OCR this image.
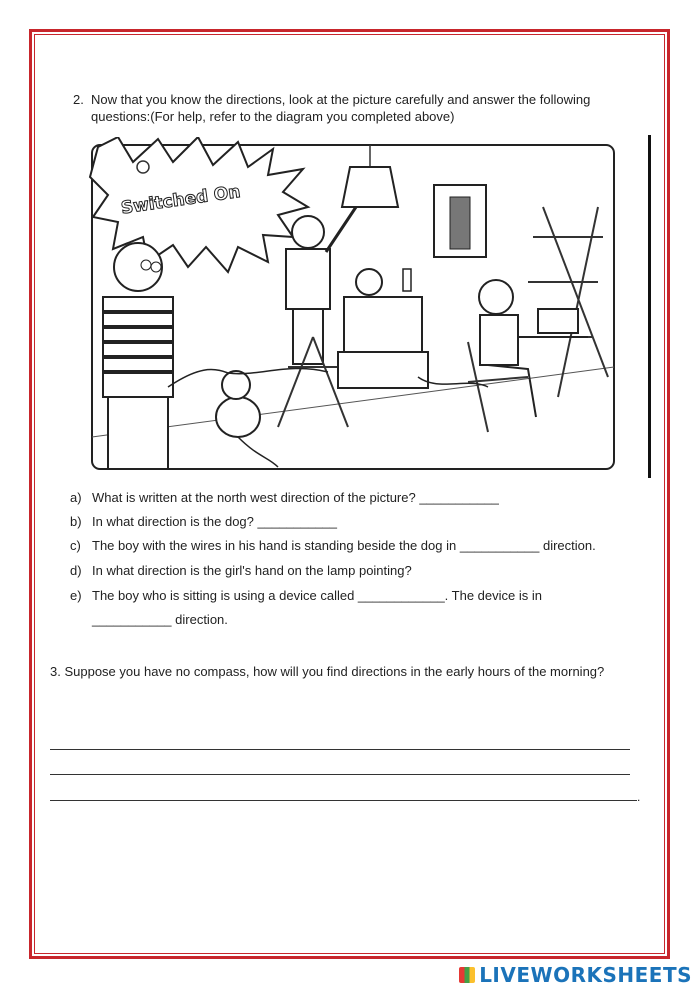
2. Now that you know the directions, look at the picture carefully and answer the following questions:(For help, refer to the diagram you completed above)
Switched On
a) What is written at the north west direction of the picture? ___________
b) In what direction is the dog? ___________
c) The boy with the wires in his hand is standing beside the dog in ___________ direction.
d) In what direction is the girl's hand on the lamp pointing?
e) The boy who is sitting is using a device called ____________. The device is in
___________ direction.
3. Suppose you have no compass, how will you find directions in the early hours of the morning?
.
LIVEWORKSHEETS
